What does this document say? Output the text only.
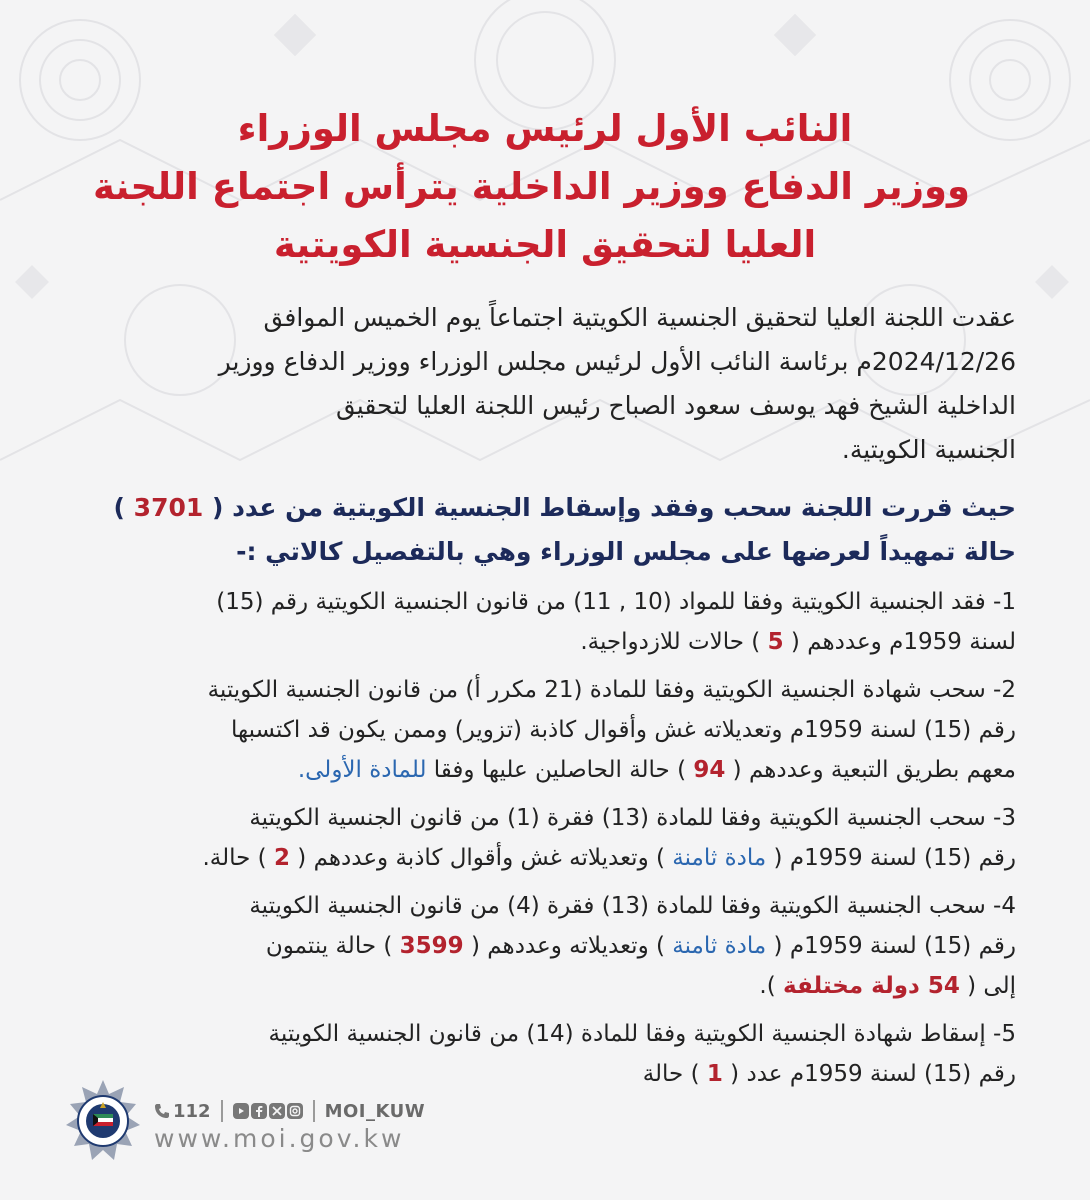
النائب الأول لرئيس مجلس الوزراء
ووزير الدفاع ووزير الداخلية يترأس اجتماع اللجنة
العليا لتحقيق الجنسية الكويتية
عقدت اللجنة العليا لتحقيق الجنسية الكويتية اجتماعاً يوم الخميس الموافق
2024/12/26م برئاسة النائب الأول لرئيس مجلس الوزراء ووزير الدفاع ووزير
الداخلية الشيخ فهد يوسف سعود الصباح رئيس اللجنة العليا لتحقيق
الجنسية الكويتية.
حيث قررت اللجنة سحب وفقد وإسقاط الجنسية الكويتية من عدد ( 3701 )
حالة تمهيداً لعرضها على مجلس الوزراء وهي بالتفصيل كالاتي :-
1- فقد الجنسية الكويتية وفقا للمواد (10 , 11) من قانون الجنسية الكويتية رقم (15)
لسنة 1959م وعددهم ( 5 ) حالات للازدواجية.
2- سحب شهادة الجنسية الكويتية وفقا للمادة (21 مكرر أ) من قانون الجنسية الكويتية
رقم (15) لسنة 1959م وتعديلاته غش وأقوال كاذبة (تزوير) وممن يكون قد اكتسبها
معهم بطريق التبعية وعددهم ( 94 ) حالة الحاصلين عليها وفقا للمادة الأولى.
3- سحب الجنسية الكويتية وفقا للمادة (13) فقرة (1) من قانون الجنسية الكويتية
رقم (15) لسنة 1959م ( مادة ثامنة ) وتعديلاته غش وأقوال كاذبة وعددهم ( 2 ) حالة.
4- سحب الجنسية الكويتية وفقا للمادة (13) فقرة (4) من قانون الجنسية الكويتية
رقم (15) لسنة 1959م ( مادة ثامنة ) وتعديلاته وعددهم ( 3599 ) حالة ينتمون
إلى ( 54 دولة مختلفة ).
5- إسقاط شهادة الجنسية الكويتية وفقا للمادة (14) من قانون الجنسية الكويتية
رقم (15) لسنة 1959م عدد ( 1 ) حالة
112	MOI_KUW
www.moi.gov.kw
